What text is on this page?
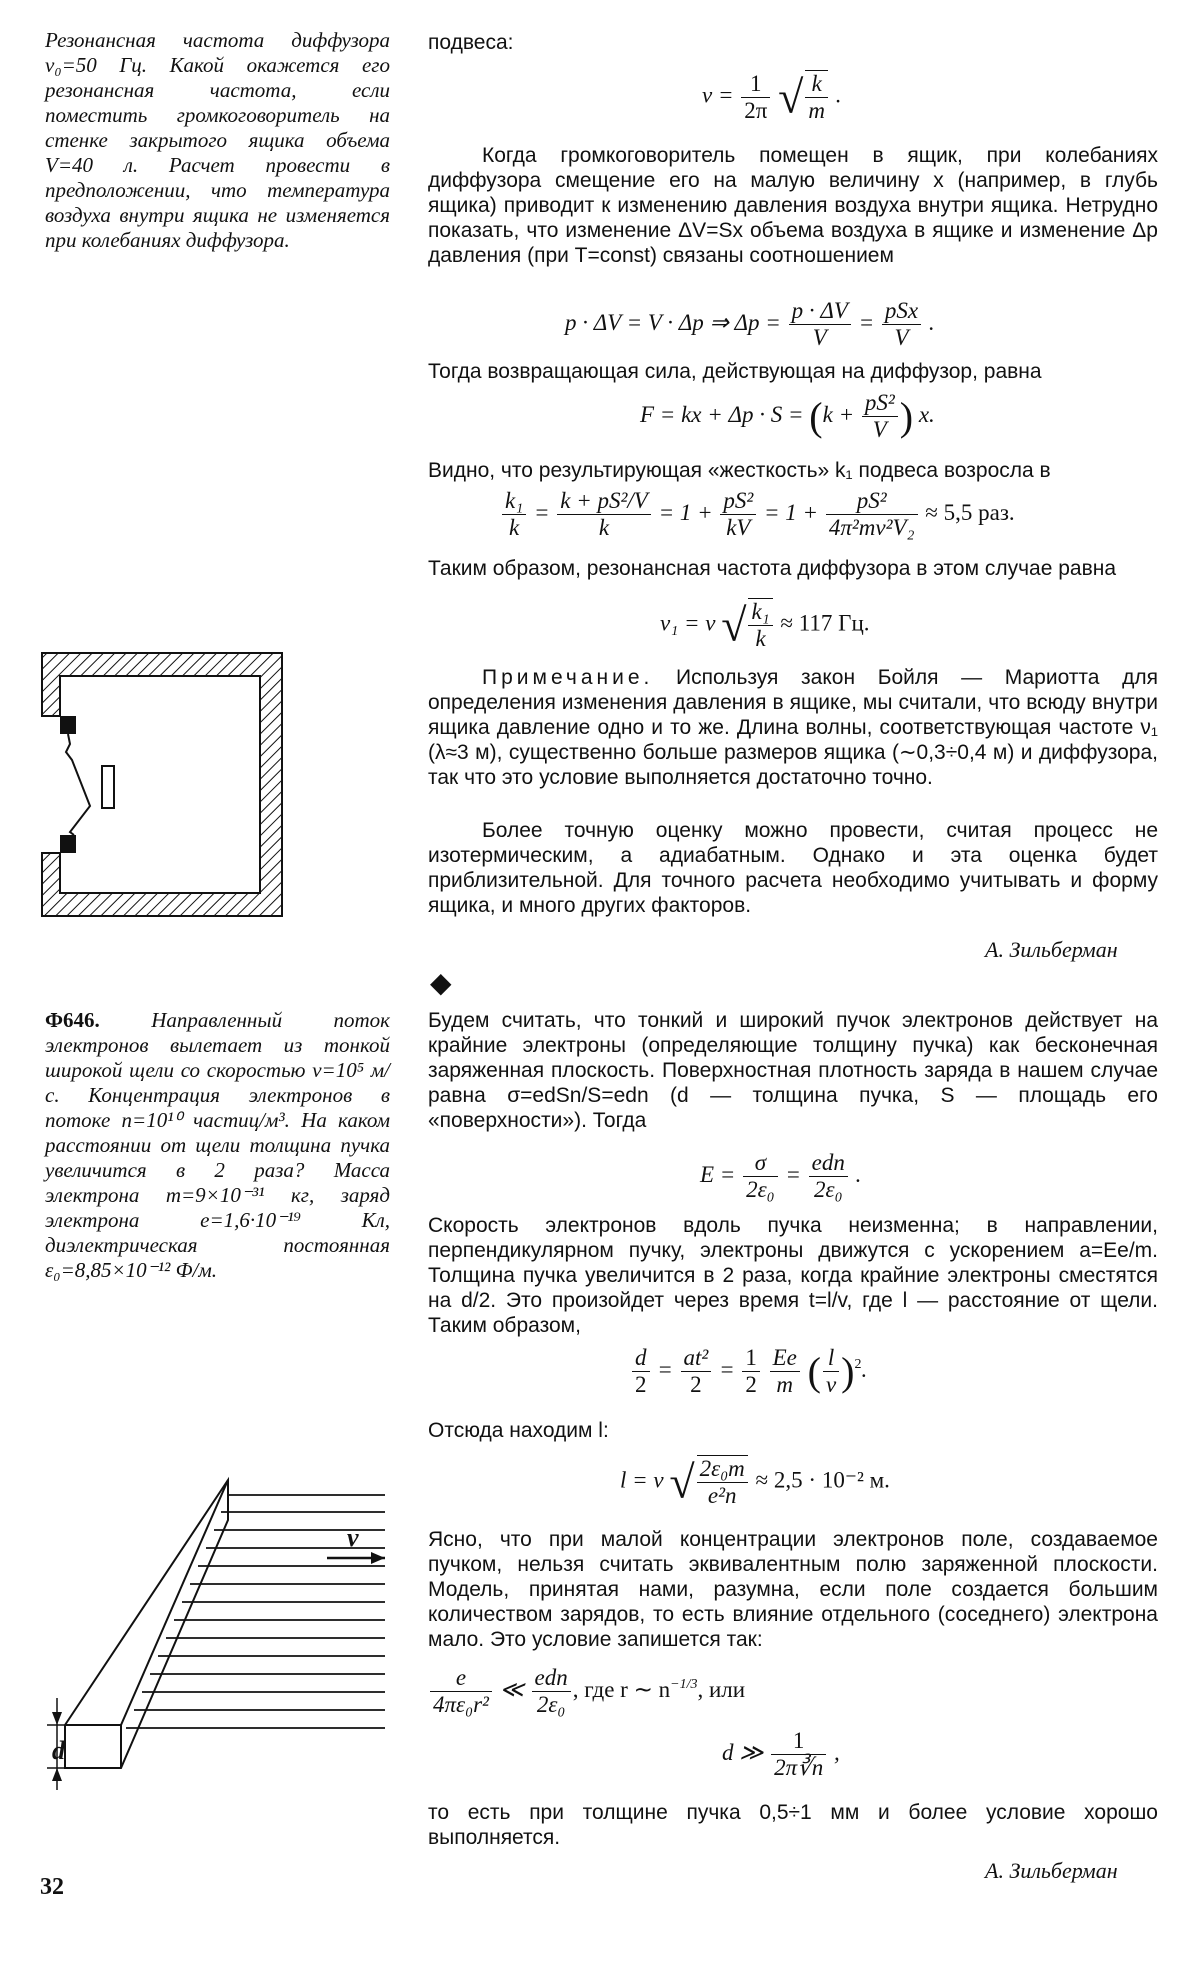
Резонансная частота диффузора ν₀=50 Гц. Какой окажется его резонансная частота, если поместить громкоговоритель на стенке закрытого ящика объема V=40 л. Расчет провести в предположении, что температура воздуха внутри ящика не изменяется при колебаниях диффузора.

Ф646. Направленный поток электронов вылетает из тонкой широкой щели со скоростью v=10⁵ м/с. Концентрация электронов в потоке n=10¹⁰ частиц/м³. На каком расстоянии от щели толщина пучка увеличится в 2 раза? Масса электрона m=9×10⁻³¹ кг, заряд электрона e=1,6·10⁻¹⁹ Кл, диэлектрическая постоянная ε₀=8,85×10⁻¹² Ф/м.

v
d
подвеса:
$\nu = \frac{1}{2\pi}$ √ $\frac{k}{m}$ .

Когда громкоговоритель помещен в ящик, при колебаниях диффузора смещение его на малую величину x (например, в глубь ящика) приводит к изменению давления воздуха внутри ящика. Нетрудно показать, что изменение ΔV=Sx объема воздуха в ящике и изменение Δp давления (при T=const) связаны соотношением

p · ΔV = V · Δp ⇒ $\Delta p = \frac{p \cdot \Delta V}{V} = \frac{\text{pSx}}{V}$ .

Тогда возвращающая сила, действующая на диффузор, равна

F = kx + $\Delta p \cdot S = (k + \frac{\text{pS²}}{V}$ ) x.

Видно, что результирующая «жесткость» k₁ подвеса возросла в

$\frac{\text{k₁}}{k} = \frac{\text{k + pS²/V}}{k} = 1 + \frac{\text{pS²}}{kV} = 1 + \frac{\text{pS²}}{\text{4π²mν²V₂}} \approx 5,5$ раз.

Таким образом, резонансная частота диффузора в этом случае равна

ν₁ = ν √ $\frac{\text{k₁}}{k} \approx 117$ Гц.

Примечание. Используя закон Бойля — Мариотта для определения изменения давления в ящике, мы считали, что всюду внутри ящика давление одно и то же. Длина волны, соответствующая частоте ν₁ (λ≈3 м), существенно больше размеров ящика (∼0,3÷0,4 м) и диффузора, так что это условие выполняется достаточно точно.

Более точную оценку можно провести, считая процесс не изотермическим, а адиабатным. Однако и эта оценка будет приблизительной. Для точного расчета необходимо учитывать и форму ящика, и много других факторов.

А. Зильберман
◆

Будем считать, что тонкий и широкий пучок электронов действует на крайние электроны (определяющие толщину пучка) как бесконечная заряженная плоскость. Поверхностная плотность заряда в нашем случае равна σ=edSn/S=edn (d — толщина пучка, S — площадь его «поверхности»). Тогда

$E = \frac{\sigma}{\text{2ε₀}} = \frac{\text{edn}}{\text{2ε₀}}$ .

Скорость электронов вдоль пучка неизменна; в направлении, перпендикулярном пучку, электроны движутся с ускорением a=Ee/m. Толщина пучка увеличится в 2 раза, когда крайние электроны сместятся на d/2. Это произойдет через время t=l/v, где l — расстояние от щели. Таким образом,

$\frac{d}{2} = \frac{\text{at²}}{2} = \frac{1}{2}$
$\frac{Ee}{m}$ ( $\frac{l}{v} )^2$.

Отсюда находим l:

l = v √ $\frac{\text{2ε₀m}}{\text{e²n}} \approx 2,5 \cdot 10^{-2}$ м.

Ясно, что при малой концентрации электронов поле, создаваемое пучком, нельзя считать эквивалентным полю заряженной плоскости. Модель, принятая нами, разумна, если поле создается большим количеством зарядов, то есть влияние отдельного (соседнего) электрона мало. Это условие запишется так:

$\frac{e}{\text{4πε₀r²}}$ ≪ $\frac{\text{edn}}{\text{2ε₀}}$ , где r ∼ $n^{-1/3}$, или
d ≫ $\frac{1}{2\pi∛n}$ ,

то есть при толщине пучка 0,5÷1 мм и более условие хорошо выполняется.

А. Зильберман
32
